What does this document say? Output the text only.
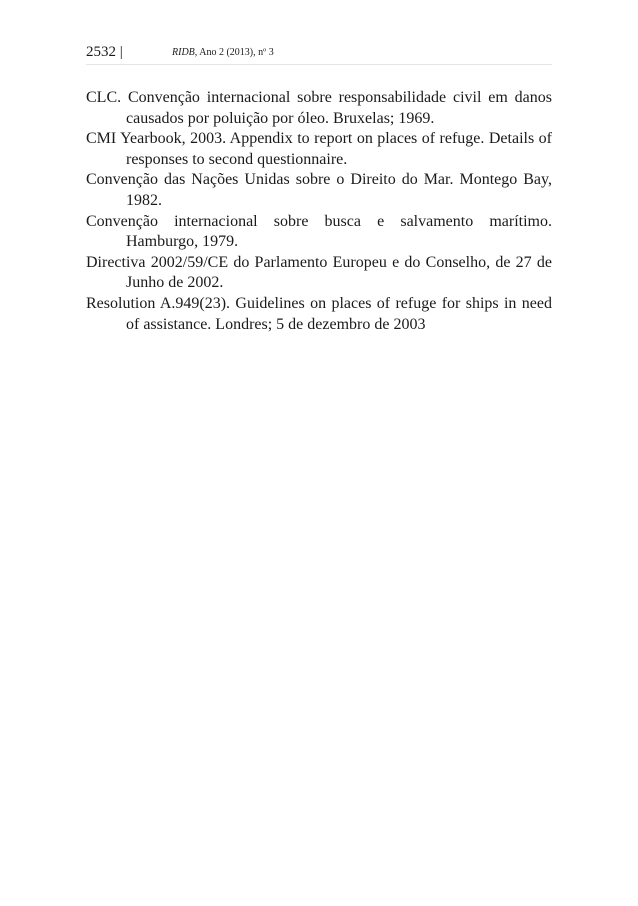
2532 |	RIDB, Ano 2 (2013), nº 3
CLC. Convenção internacional sobre responsabilidade civil em danos causados por poluição por óleo. Bruxelas; 1969.
CMI Yearbook, 2003. Appendix to report on places of refuge. Details of responses to second questionnaire.
Convenção das Nações Unidas sobre o Direito do Mar. Montego Bay, 1982.
Convenção internacional sobre busca e salvamento marítimo. Hamburgo, 1979.
Directiva 2002/59/CE do Parlamento Europeu e do Conselho, de 27 de Junho de 2002.
Resolution A.949(23). Guidelines on places of refuge for ships in need of assistance. Londres; 5 de dezembro de 2003
